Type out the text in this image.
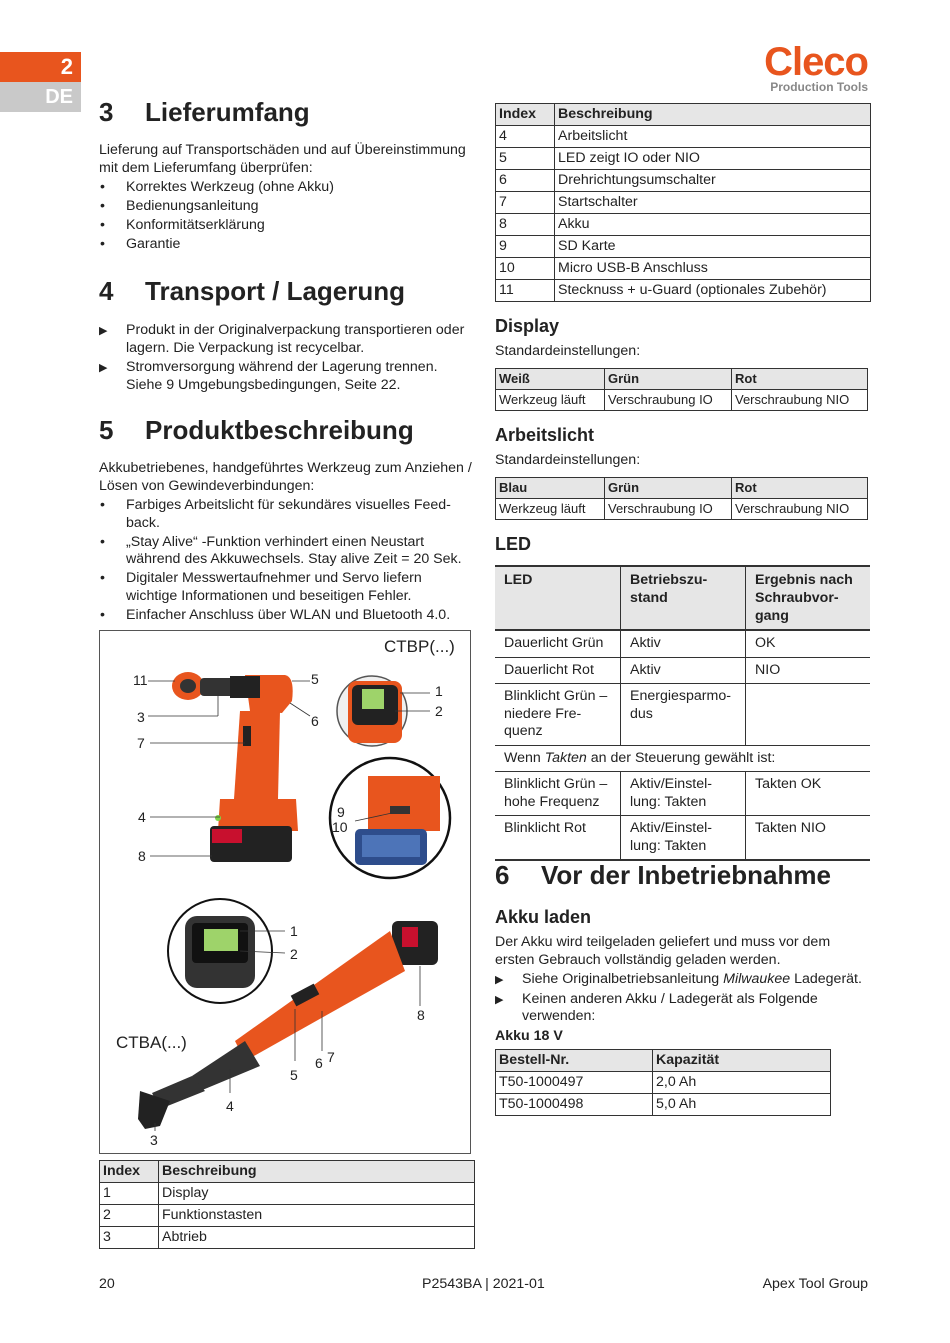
2
DE
Cleco
Production Tools
3 Lieferumfang

Lieferung auf Transportschäden und auf Übereinstimmung mit dem Lieferumfang überprüfen:

• Korrektes Werkzeug (ohne Akku)
• Bedienungsanleitung
• Konformitätserklärung
• Garantie
4 Transport / Lagerung
▶ Produkt in der Originalverpackung transportieren oder lagern. Die Verpackung ist recycelbar.
▶ Stromversorgung während der Lagerung trennen. Siehe 9 Umgebungsbedingungen, Seite 22.
5 Produktbeschreibung

Akkubetriebenes, handgeführtes Werkzeug zum Anziehen / Lösen von Gewindeverbindungen:

• Farbiges Arbeitslicht für sekundäres visuelles Feed-back.
• „Stay Alive“ -Funktion verhindert einen Neustart während des Akkuwechsels. Stay alive Zeit = 20 Sek.
• Digitaler Messwertaufnehmer und Servo liefern wichtige Informationen und beseitigen Fehler.
• Einfacher Anschluss über WLAN und Bluetooth 4.0.
CTBP(...)
CTBA(...)
11	5
3	6
7
1
2
4	9
10
8
1
2
8
6 7
5
4
3
Index	Beschreibung
1	Display
2	Funktionstasten
3	Abtrieb
Index	Beschreibung
4	Arbeitslicht
5	LED zeigt IO oder NIO
6	Drehrichtungsumschalter
7	Startschalter
8	Akku
9	SD Karte
10	Micro USB-B Anschluss
11	Stecknuss + u-Guard (optionales Zubehör)
Display

Standardeinstellungen:

Weiß	Grün	Rot
Werkzeug läuft	Verschraubung IO	Verschraubung NIO
Arbeitslicht

Standardeinstellungen:

Blau	Grün	Rot
Werkzeug läuft	Verschraubung IO	Verschraubung NIO
LED
LED	Betriebszu-stand	Ergebnis nach Schraubvor-gang
Dauerlicht Grün	Aktiv	OK
Dauerlicht Rot	Aktiv	NIO
Blinklicht Grün – niedere Fre-quenz	Energiesparmo-dus	
Wenn Takten an der Steuerung gewählt ist:		
Blinklicht Grün – hohe Frequenz	Aktiv/Einstel-lung: Takten	Takten OK
Blinklicht Rot	Aktiv/Einstel-lung: Takten	Takten NIO
6 Vor der Inbetriebnahme
Akku laden

Der Akku wird teilgeladen geliefert und muss vor dem ersten Gebrauch vollständig geladen werden.

▶ Siehe Originalbetriebsanleitung Milwaukee Ladegerät.
▶ Keinen anderen Akku / Ladegerät als Folgende verwenden:

Akku 18 V

Bestell-Nr.	Kapazität
T50-1000497	2,0 Ah
T50-1000498	5,0 Ah
20	P2543BA | 2021-01	Apex Tool Group
